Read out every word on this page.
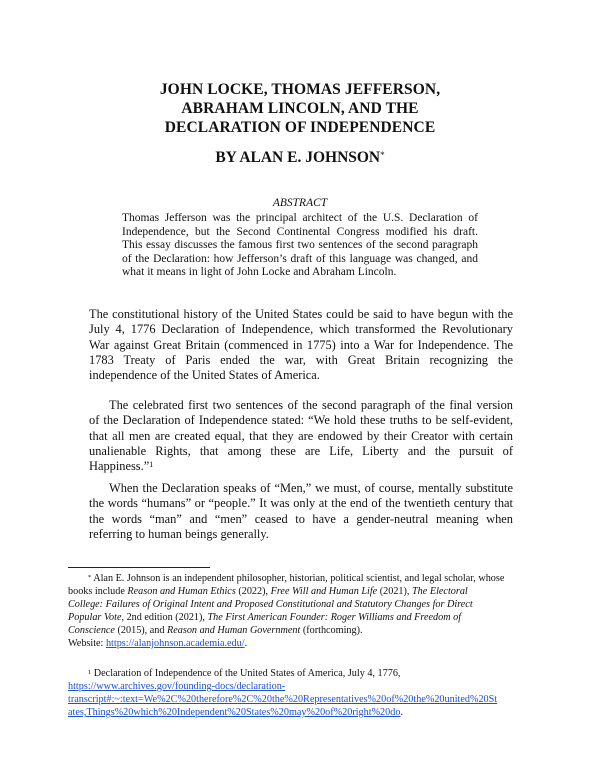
JOHN LOCKE, THOMAS JEFFERSON,
ABRAHAM LINCOLN, AND THE
DECLARATION OF INDEPENDENCE
BY ALAN E. JOHNSON*
ABSTRACT
Thomas Jefferson was the principal architect of the U.S. Declaration of
Independence, but the Second Continental Congress modified his draft.
This essay discusses the famous first two sentences of the second paragraph
of the Declaration: how Jefferson’s draft of this language was changed, and
what it means in light of John Locke and Abraham Lincoln.
The constitutional history of the United States could be said to have begun with the
July 4, 1776 Declaration of Independence, which transformed the Revolutionary
War against Great Britain (commenced in 1775) into a War for Independence. The
1783 Treaty of Paris ended the war, with Great Britain recognizing the
independence of the United States of America.
The celebrated first two sentences of the second paragraph of the final version
of the Declaration of Independence stated: “We hold these truths to be self-evident,
that all men are created equal, that they are endowed by their Creator with certain
unalienable Rights, that among these are Life, Liberty and the pursuit of
Happiness.”$^1$
When the Declaration speaks of “Men,” we must, of course, mentally substitute
the words “humans” or “people.” It was only at the end of the twentieth century that
the words “man” and “men” ceased to have a gender-neutral meaning when
referring to human beings generally.
* Alan E. Johnson is an independent philosopher, historian, political scientist, and legal scholar, whose
books include Reason and Human Ethics (2022), Free Will and Human Life (2021), The Electoral
College: Failures of Original Intent and Proposed Constitutional and Statutory Changes for Direct
Popular Vote, 2nd edition (2021), The First American Founder: Roger Williams and Freedom of
Conscience (2015), and Reason and Human Government (forthcoming).
Website: https://alanjohnson.academia.edu/.
$^1$ Declaration of Independence of the United States of America, July 4, 1776,
https://www.archives.gov/founding-docs/declaration-
transcript#:~:text=We%2C%20therefore%2C%20the%20Representatives%20of%20the%20united%20St
ates,Things%20which%20Independent%20States%20may%20of%20right%20do.
